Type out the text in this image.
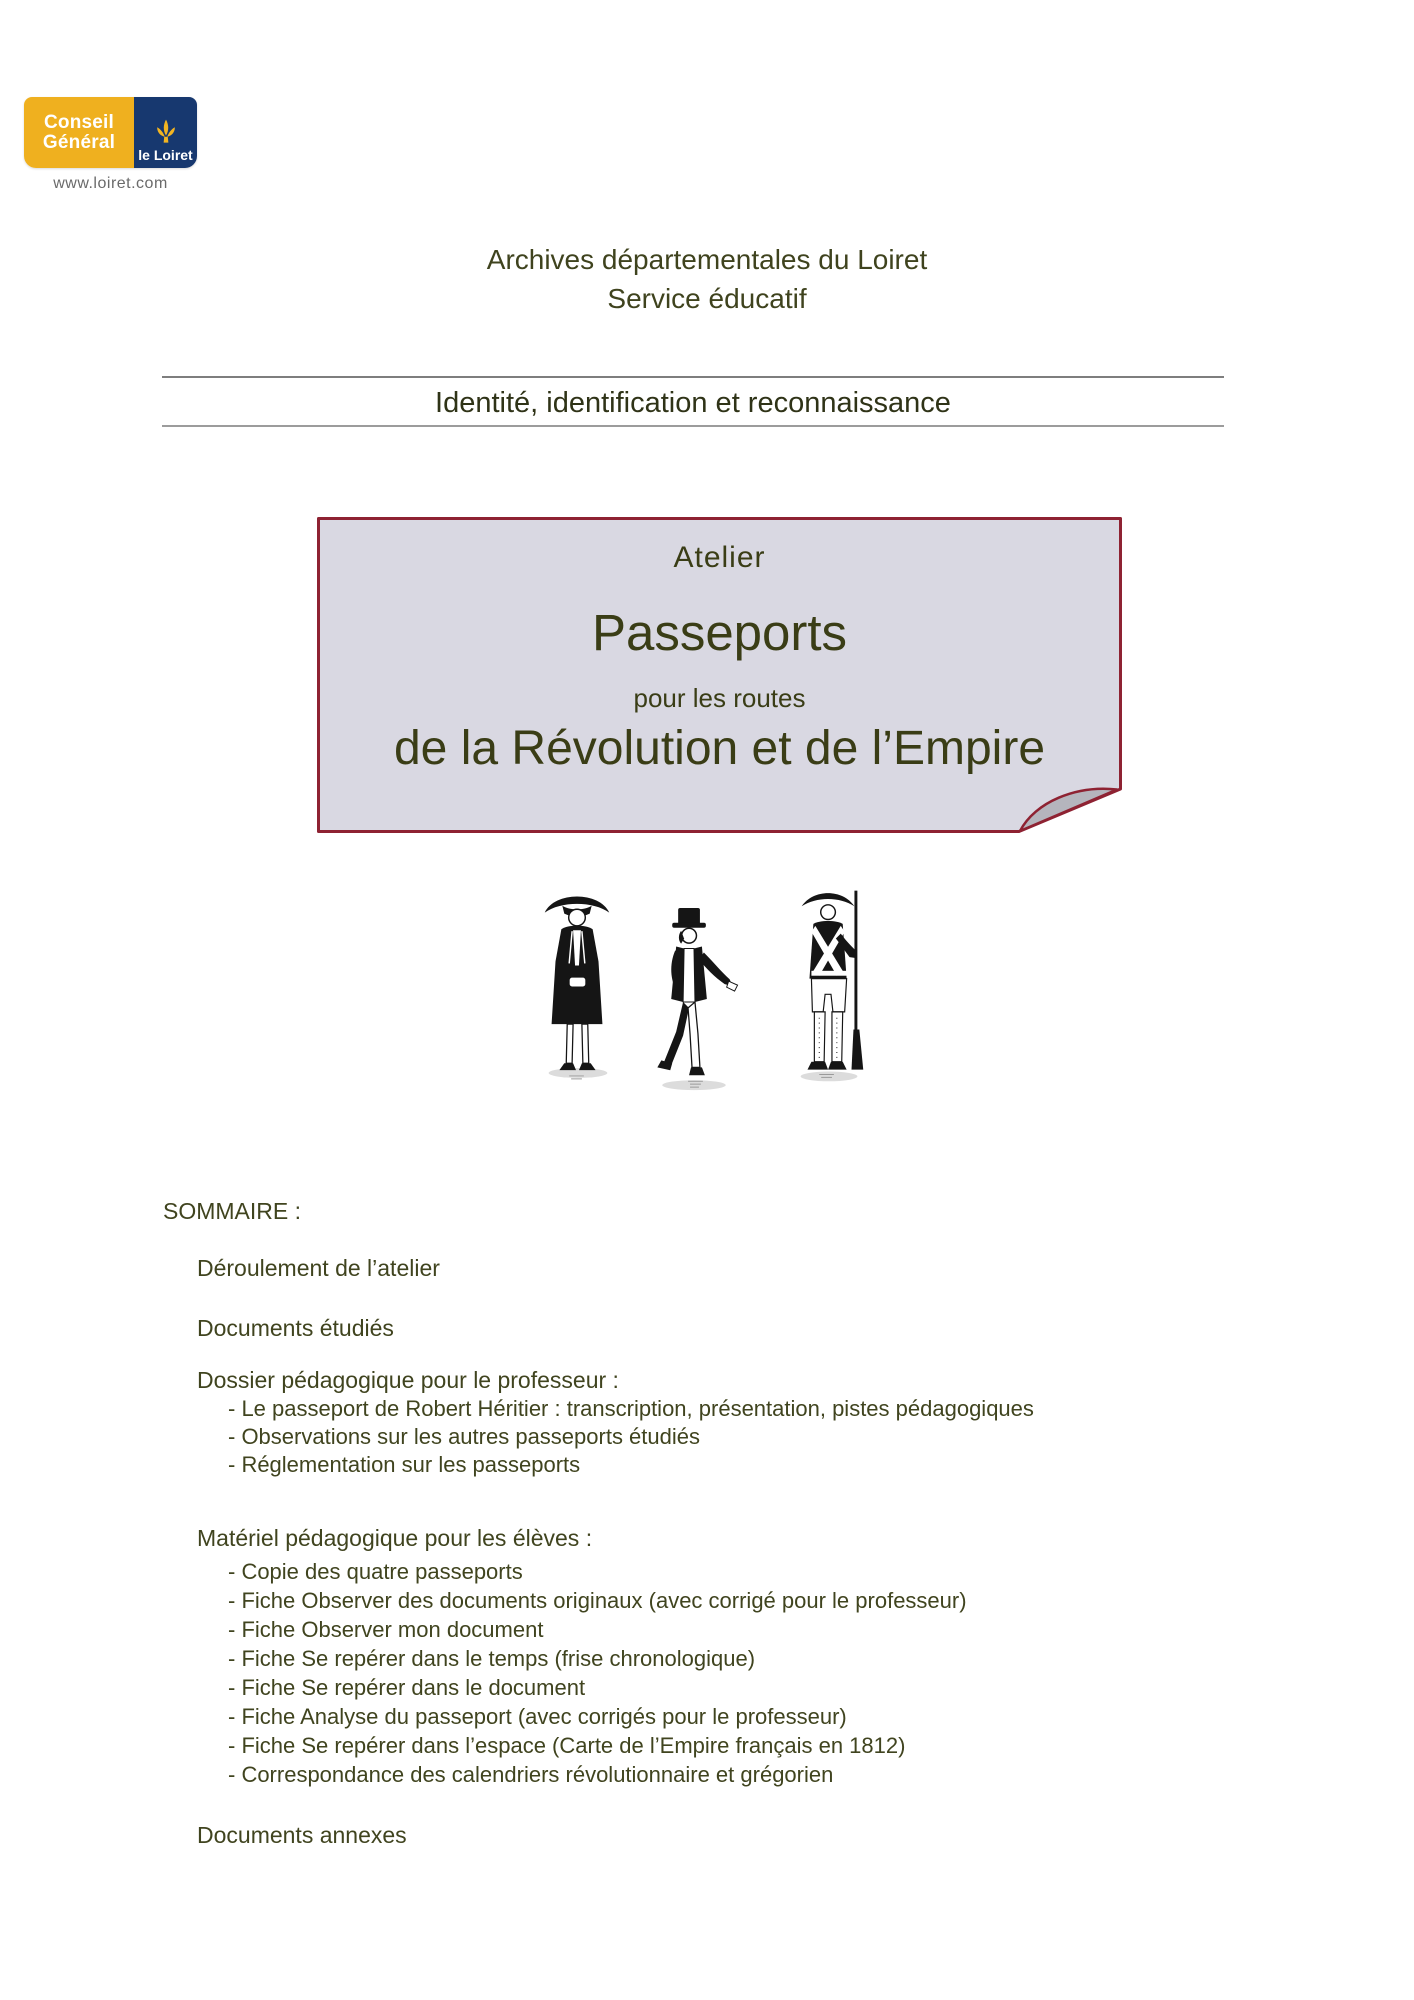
Conseil
Général
le Loiret
www.loiret.com
Archives départementales du Loiret
Service éducatif
Identité, identification et reconnaissance
Atelier
Passeports
pour les routes
de la Révolution et de l’Empire
SOMMAIRE :
Déroulement de l’atelier
Documents étudiés
Dossier pédagogique pour le professeur :
- Le passeport de Robert Héritier : transcription, présentation, pistes pédagogiques
- Observations sur les autres passeports étudiés
- Réglementation sur les passeports
Matériel pédagogique pour les élèves :
- Copie des quatre passeports
- Fiche Observer des documents originaux (avec corrigé pour le professeur)
- Fiche Observer mon document
- Fiche Se repérer dans le temps (frise chronologique)
- Fiche Se repérer dans le document
- Fiche Analyse du passeport (avec corrigés pour le professeur)
- Fiche Se repérer dans l’espace (Carte de l’Empire français en 1812)
- Correspondance des calendriers révolutionnaire et grégorien
Documents annexes
